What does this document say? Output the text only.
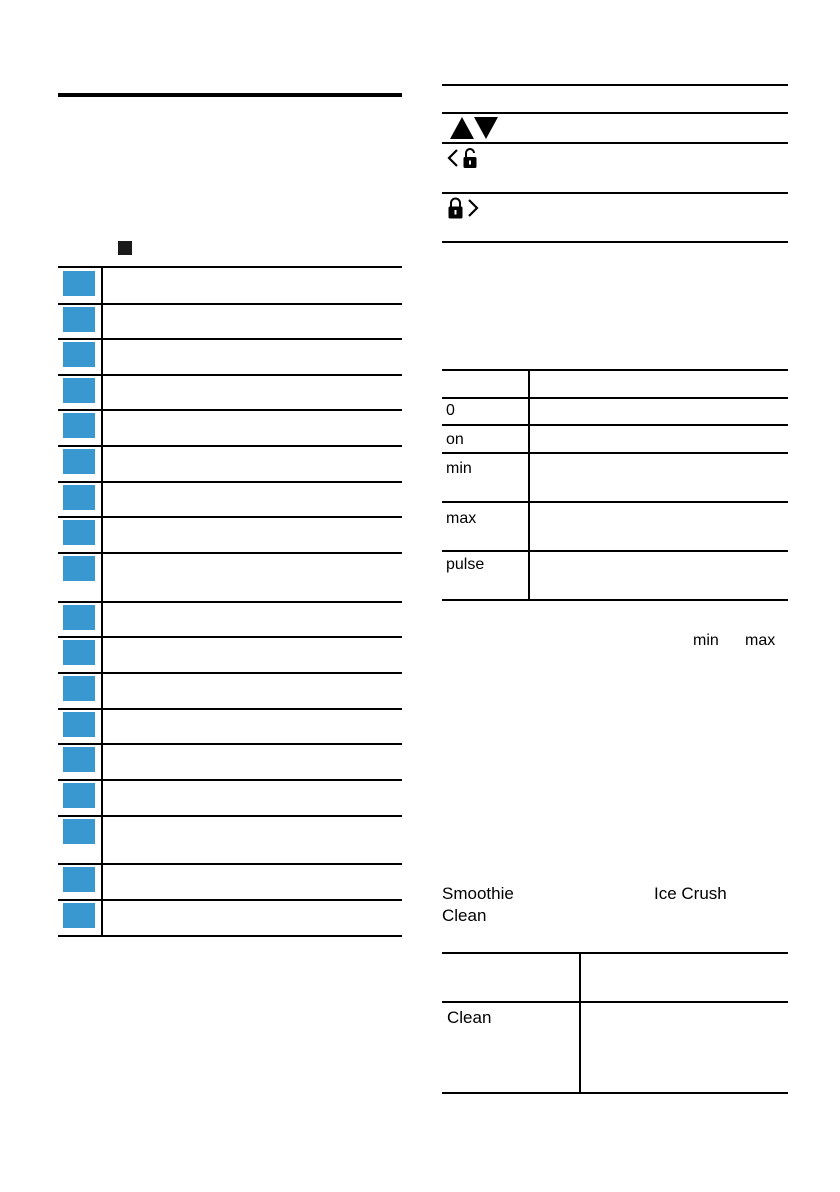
0
on
min
max
pulse
min max
Smoothie	Ice Crush
Clean
Clean
